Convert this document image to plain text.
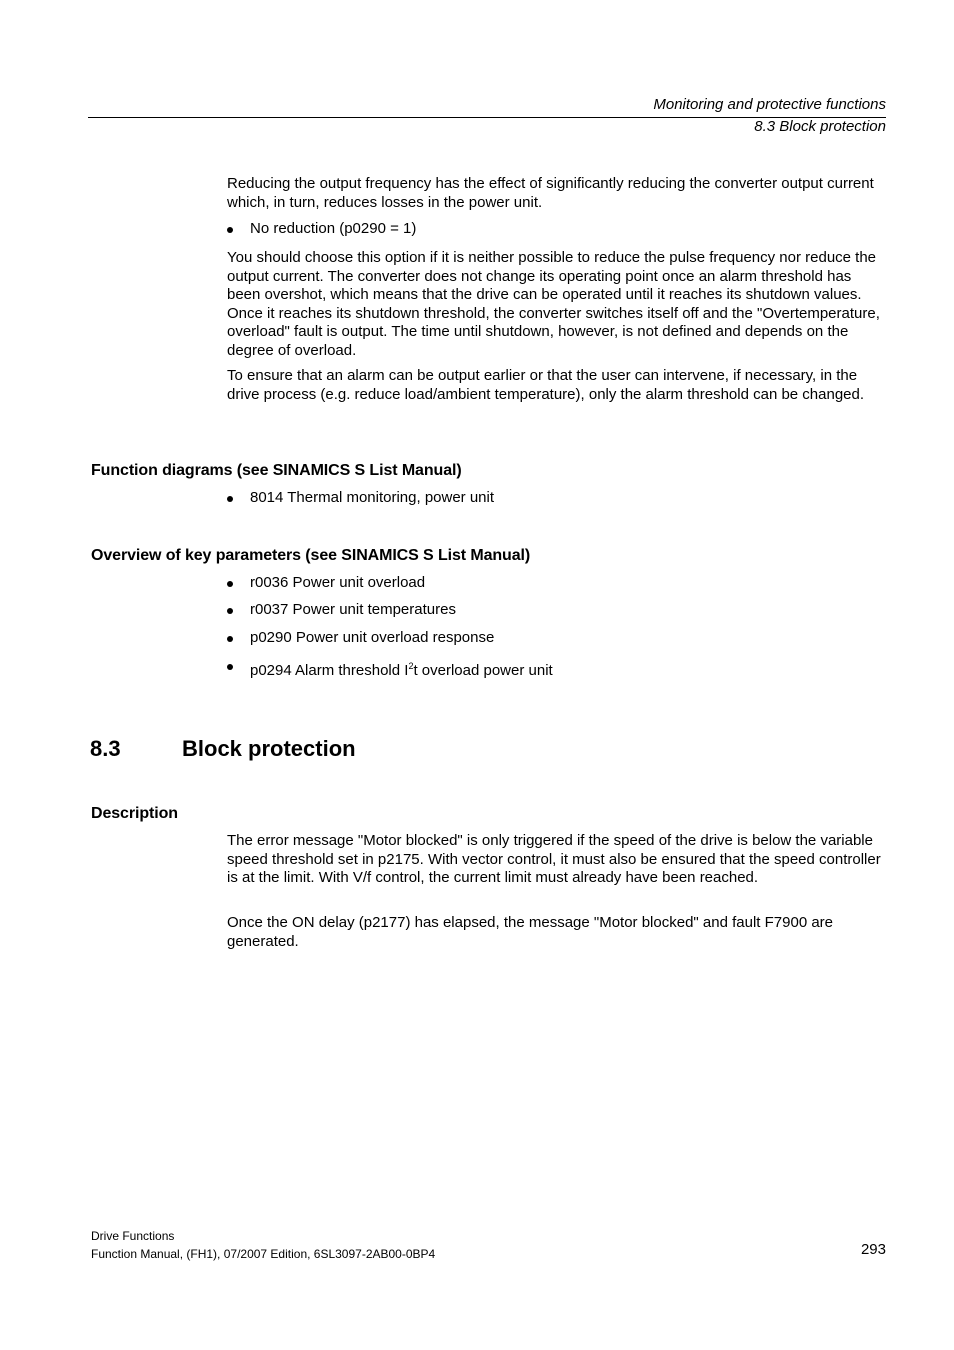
Monitoring and protective functions
8.3 Block protection

Reducing the output frequency has the effect of significantly reducing the converter output current which, in turn, reduces losses in the power unit.

No reduction (p0290 = 1)

You should choose this option if it is neither possible to reduce the pulse frequency nor reduce the output current. The converter does not change its operating point once an alarm threshold has been overshot, which means that the drive can be operated until it reaches its shutdown values. Once it reaches its shutdown threshold, the converter switches itself off and the "Overtemperature, overload" fault is output. The time until shutdown, however, is not defined and depends on the degree of overload.

To ensure that an alarm can be output earlier or that the user can intervene, if necessary, in the drive process (e.g. reduce load/ambient temperature), only the alarm threshold can be changed.

Function diagrams (see SINAMICS S List Manual)
8014 Thermal monitoring, power unit
Overview of key parameters (see SINAMICS S List Manual)
r0036 Power unit overload
r0037 Power unit temperatures
p0290 Power unit overload response
p0294 Alarm threshold $I^2t$ overload power unit
8.3	Block protection
Description

The error message "Motor blocked" is only triggered if the speed of the drive is below the variable speed threshold set in p2175. With vector control, it must also be ensured that the speed controller is at the limit. With V/f control, the current limit must already have been reached.

Once the ON delay (p2177) has elapsed, the message "Motor blocked" and fault F7900 are generated.

Drive Functions
Function Manual, (FH1), 07/2007 Edition, 6SL3097-2AB00-0BP4	293
